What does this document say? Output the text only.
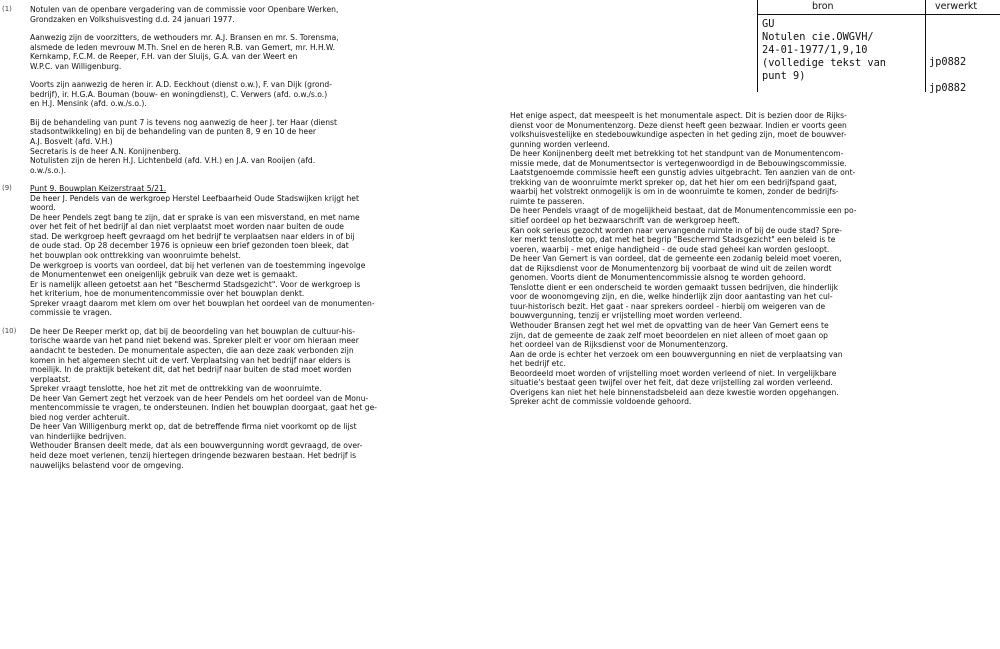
bron	verwerkt
GU
Notulen cie.OWGVH/
24-01-1977/1,9,10
(volledige tekst van
punt 9)
jp0882
jp0882
(1) Notulen van de openbare vergadering van de commissie voor Openbare Werken,
Grondzaken en Volkshuisvesting d.d. 24 januari 1977.
Aanwezig zijn de voorzitters, de wethouders mr. A.J. Bransen en mr. S. Torensma,
alsmede de leden mevrouw M.Th. Snel en de heren R.B. van Gemert, mr. H.H.W.
Kernkamp, F.C.M. de Reeper, F.H. van der Sluijs, G.A. van der Weert en
W.P.C. van Willigenburg.
Voorts zijn aanwezig de heren ir. A.D. Eeckhout (dienst o.w.), F. van Dijk (grond-
bedrijf), ir. H.G.A. Bouman (bouw- en woningdienst), C. Verwers (afd. o.w./s.o.)
en H.J. Mensink (afd. o.w./s.o.).
Bij de behandeling van punt 7 is tevens nog aanwezig de heer J. ter Haar (dienst
stadsontwikkeling) en bij de behandeling van de punten 8, 9 en 10 de heer
A.J. Bosvelt (afd. V.H.)
Secretaris is de heer A.N. Konijnenberg.
Notulisten zijn de heren H.J. Lichtenbeld (afd. V.H.) en J.A. van Rooijen (afd.
o.w./s.o.).
(9) Punt 9. Bouwplan Keizerstraat 5/21.
De heer J. Pendels van de werkgroep Herstel Leefbaarheid Oude Stadswijken krijgt het
woord.
De heer Pendels zegt bang te zijn, dat er sprake is van een misverstand, en met name
over het feit of het bedrijf al dan niet verplaatst moet worden naar buiten de oude
stad. De werkgroep heeft gevraagd om het bedrijf te verplaatsen naar elders in of bij
de oude stad. Op 28 december 1976 is opnieuw een brief gezonden toen bleek, dat
het bouwplan ook onttrekking van woonruimte behelst.
De werkgroep is voorts van oordeel, dat bij het verlenen van de toestemming ingevolge
de Monumentenwet een oneigenlijk gebruik van deze wet is gemaakt.
Er is namelijk alleen getoetst aan het "Beschermd Stadsgezicht". Voor de werkgroep is
het kriterium, hoe de monumentencommissie over het bouwplan denkt.
Spreker vraagt daarom met klem om over het bouwplan het oordeel van de monumenten-
commissie te vragen.
(10) De heer De Reeper merkt op, dat bij de beoordeling van het bouwplan de cultuur-his-
torische waarde van het pand niet bekend was. Spreker pleit er voor om hieraan meer
aandacht te besteden. De monumentale aspecten, die aan deze zaak verbonden zijn
komen in het algemeen slecht uit de verf. Verplaatsing van het bedrijf naar elders is
moeilijk. In de praktijk betekent dit, dat het bedrijf naar buiten de stad moet worden
verplaatst.
Spreker vraagt tenslotte, hoe het zit met de onttrekking van de woonruimte.
De heer Van Gemert zegt het verzoek van de heer Pendels om het oordeel van de Monu-
mentencommissie te vragen, te ondersteunen. Indien het bouwplan doorgaat, gaat het ge-
bied nog verder achteruit.
De heer Van Willigenburg merkt op, dat de betreffende firma niet voorkomt op de lijst
van hinderlijke bedrijven.
Wethouder Bransen deelt mede, dat als een bouwvergunning wordt gevraagd, de over-
heid deze moet verlenen, tenzij hiertegen dringende bezwaren bestaan. Het bedrijf is
nauwelijks belastend voor de omgeving.
Het enige aspect, dat meespeelt is het monumentale aspect. Dit is bezien door de Rijks-
dienst voor de Monumentenzorg. Deze dienst heeft geen bezwaar. Indien er voorts geen
volkshuisvestelijke en stedebouwkundige aspecten in het geding zijn, moet de bouwver-
gunning worden verleend.
De heer Konijnenberg deelt met betrekking tot het standpunt van de Monumentencom-
missie mede, dat de Monumentsector is vertegenwoordigd in de Bebouwingscommissie.
Laatstgenoemde commissie heeft een gunstig advies uitgebracht. Ten aanzien van de ont-
trekking van de woonruimte merkt spreker op, dat het hier om een bedrijfspand gaat,
waarbij het volstrekt onmogelijk is om in de woonruimte te komen, zonder de bedrijfs-
ruimte te passeren.
De heer Pendels vraagt of de mogelijkheid bestaat, dat de Monumentencommissie een po-
sitief oordeel op het bezwaarschrift van de werkgroep heeft.
Kan ook serieus gezocht worden naar vervangende ruimte in of bij de oude stad? Spre-
ker merkt tenslotte op, dat met het begrip "Beschermd Stadsgezicht" een beleid is te
voeren, waarbij - met enige handigheid - de oude stad geheel kan worden gesloopt.
De heer Van Gemert is van oordeel, dat de gemeente een zodanig beleid moet voeren,
dat de Rijksdienst voor de Monumentenzorg bij voorbaat de wind uit de zeilen wordt
genomen. Voorts dient de Monumentencommissie alsnog te worden gehoord.
Tenslotte dient er een onderscheid te worden gemaakt tussen bedrijven, die hinderlijk
voor de woonomgeving zijn, en die, welke hinderlijk zijn door aantasting van het cul-
tuur-historisch bezit. Het gaat - naar sprekers oordeel - hierbij om weigeren van de
bouwvergunning, tenzij er vrijstelling moet worden verleend.
Wethouder Bransen zegt het wel met de opvatting van de heer Van Gemert eens te
zijn, dat de gemeente de zaak zelf moet beoordelen en niet alleen of moet gaan op
het oordeel van de Rijksdienst voor de Monumentenzorg.
Aan de orde is echter het verzoek om een bouwvergunning en niet de verplaatsing van
het bedrijf etc.
Beoordeeld moet worden of vrijstelling moet worden verleend of niet. In vergelijkbare
situatie's bestaat geen twijfel over het feit, dat deze vrijstelling zal worden verleend.
Overigens kan niet het hele binnenstadsbeleid aan deze kwestie worden opgehangen.
Spreker acht de commissie voldoende gehoord.
